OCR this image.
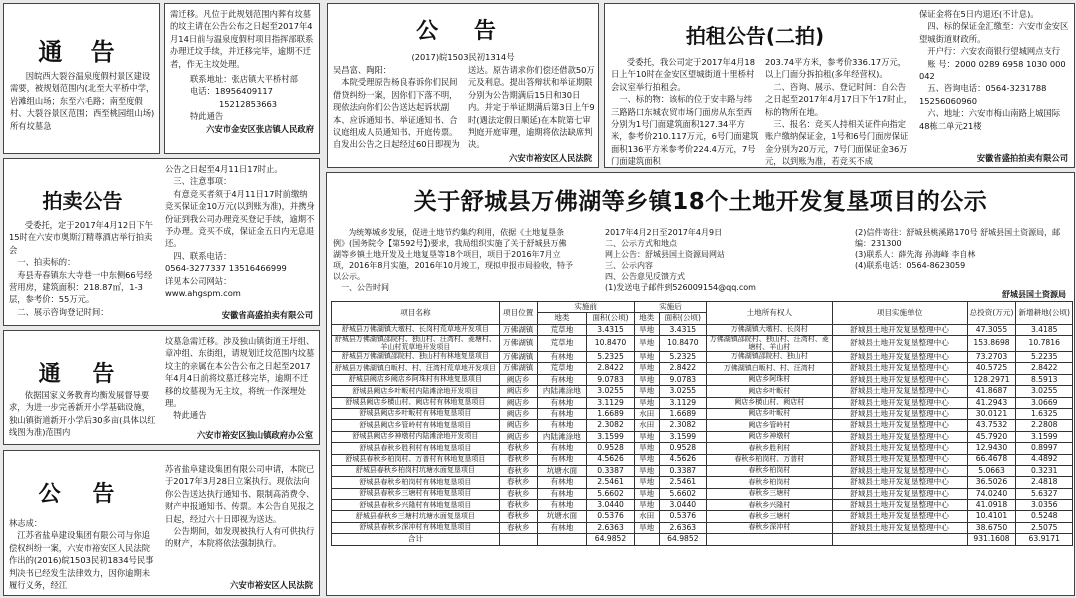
通 告
因皖西大裂谷温泉度假村景区建设需要，被规划范围内(北至大平桥中学，岩滩组山场；东至六毛路；南至度假村、大裂谷景区范围；西至桃园组山场)所有坟墓急

需迁移。凡位于此规划范围内葬有坟墓的坟主请在公告公布之日起至2017年4月14日前与温泉度假村项目指挥部联系办理迁坟手续，并迁移完毕，逾期不迁者，作无主坟处理。

联系地址：张店镇大平桥村部
电话：18956409117
15212853663
特此通告
六安市金安区张店镇人民政府
公 告
(2017)皖1503民初1314号
吴昌富、陶阳：
　本院受理原告杨良春诉你们民间借贷纠纷一案，因你们下落不明，现依法向你们公告送达起诉状副本、应诉通知书、举证通知书、合议庭组成人员通知书、开庭传票。自发出公告之日起经过60日即视为
送达。原告请求你们偿还借款50万元及利息。提出答辩状和举证期限分别为公告期满后15日和30日内。并定于举证期满后第3日上午9时(遇法定假日顺延)在本院第七审判庭开庭审理，逾期将依法缺席判决。
六安市裕安区人民法院
拍租公告(二拍)
受委托，我公司定于2017年4月18日上午10时在金安区望城街道十里桥村会议室举行拍租会。
　一、标的物：该标的位于安丰路与纬三路路口东城农贸市场门面房从东至西分别为1号门面建筑面积127.34平方米，参考价210.117万元，6号门面建筑面积136平方米参考价224.4万元，7号门面建筑面积
203.74平方米，参考价336.17万元，以上门面分拆拍租(多年经营权)。
　二、咨询、展示、登记时间：自公告之日起至2017年4月17日下午17时止，标的物所在地。
　三、报名：竞买人持相关证件向指定账户缴纳保证金，1号和6号门面房保证金分别为20万元，7号门面保证金36万元，以到账为准，若竞买不成
保证金将在5日内退还(不计息)。
　四、标的保证金汇缴至：六安市金安区望城街道财政所。
　开户行：六安农商银行望城网点支行
　账 号：2000 0289 6958 1030 000 042
　五、咨询电话：0564-3231788 15256060960
　六、地址：六安市梅山南路上城国际48栋二单元21楼
安徽省盛拍拍卖有限公司
拍卖公告
受委托，定于2017年4月12日下午15时在六安市奥斯汀精尊酒店举行拍卖会
　一、拍卖标的：
　寿县寿春镇东大寺巷一中东侧66号经营用房，建筑面积：218.87㎡，1-3层，参考价：55万元。
　二、展示咨询登记时间：
公告之日起至4月11日17时止。
　三、注意事项：
　有意竞买者须于4月11日17时前缴纳竞买保证金10万元(以到账为准)，并携身份证到我公司办理竞买登记手续，逾期不予办理。竞买不成，保证金五日内无息退还。
　四、联系电话：
0564-3277337 13516466999
详见本公司网站：
www.ahgspm.com
安徽省高盛拍卖有限公司
通 告
依据国家义务教育均衡发展督导要求，为进一步完善新开小学基础设施，独山镇街道新开小学后30多亩(具体以红线图为准)范围内
坟墓急需迁移。涉及独山镇街道王圩组、章冲组、东街组，请规划迁坟范围内坟墓坟主的亲属在本公告公布之日起至2017年4月4日前将坟墓迁移完毕，逾期不迁移的坟墓视为无主坟，将统一作深埋处理。
　特此通告
六安市裕安区独山镇政府办公室
公 告
林志成：
　江苏省盐阜建设集团有限公司与你追偿权纠纷一案，六安市裕安区人民法院作出的(2016)皖1503民初1834号民事判决书已经发生法律效力，因你逾期未履行义务，经江
苏省盐阜建设集团有限公司申请，本院已于2017年3月28日立案执行。现依法向你公告送达执行通知书、限制高消费令、财产申报通知书、传票。本公告自见报之日起，经过六十日即视为送达。
　公告期间，如发现被执行人有可供执行的财产，本院将依法强制执行。
六安市裕安区人民法院
关于舒城县万佛湖等乡镇18个土地开发复垦项目的公示
为统筹城乡发展，促进土地节约集约利用，依据《土地复垦条例》(国务院令【第592号】)要求，我局组织实施了关于舒城县万佛湖等乡镇土地开发及土地复垦等18个项目，项目于2016年7月立项，2016年8月实施，2016年10月竣工，现拟申报市局验收，特予以公示。
　一、公告时间
2017年4月2日至2017年4月9日
二、公示方式和地点
网上公告：舒城县国土资源局网站
三、公示内容
四、公告意见反馈方式
(1)发送电子邮件到526009154@qq.com
(2)信件寄往：舒城县桃溪路170号 舒城县国土资源局，邮编：231300
(3)联系人：薛先海 孙海峰 李自林
(4)联系电话：0564-8623059
舒城县国土资源局
项目名称	项目位置	实施前		实施后		土地所有权人	项目实施单位	总投资(万元)	新增耕地(公顷)
		地类	面积(公顷)	地类	面积(公顷)				
舒城县万佛湖镇大墩村、长岗村荒草地开发项目	万佛湖镇	荒草地	3.4315	旱地	3.4315	万佛湖镇大墩村、长岗村	舒城县土地开发复垦整理中心	47.3055	3.4185
舒城县万佛湖镇邵院村、独山村、汪湾村、菱塘村、羊山村荒草地开发项目	万佛湖镇	荒草地	10.8470	旱地	10.8470	万佛湖镇邵院村、独山村、汪湾村、菱塘村、羊山村	舒城县土地开发复垦整理中心	153.8698	10.7816
舒城县万佛湖镇邵院村、独山村有林地复垦项目	万佛湖镇	有林地	5.2325	旱地	5.2325	万佛湖镇邵院村、独山村	舒城县土地开发复垦整理中心	73.2703	5.2235
舒城县万佛湖镇白畈村、村、汪湾村荒草地开发项目	万佛湖镇	荒草地	2.8422	旱地	2.8422	万佛湖镇白畈村、村、汪湾村	舒城县土地开发复垦整理中心	40.5725	2.8422
舒城县阙店乡阙店乡阿珠村有林地复垦项目	阙店乡	有林地	9.0783	旱地	9.0783	阙店乡阿珠村	舒城县土地开发复垦整理中心	128.2971	8.5913
舒城县阙店乡叶畈村内陆滩涂地开发项目	阙店乡	内陆滩涂地	3.0255	旱地	3.0255	阙店乡叶畈村	舒城县土地开发复垦整理中心	41.8687	3.0255
舒城县阙店乡横山村、阙店村有林地复垦项目	阙店乡	有林地	3.1129	旱地	3.1129	阙店乡横山村、阙店村	舒城县土地开发复垦整理中心	41.2943	3.0669
舒城县阙店乡叶畈村有林地复垦项目	阙店乡	有林地	1.6689	水田	1.6689	阙店乡叶畈村	舒城县土地开发复垦整理中心	30.0121	1.6325
舒城县阙店乡管岭村有林地复垦项目	阙店乡	有林地	2.3082	水田	2.3082	阙店乡管岭村	舒城县土地开发复垦整理中心	43.7532	2.2808
舒城县阙店乡神墩村内陆滩涂地开发项目	阙店乡	内陆滩涂地	3.1599	旱地	3.1599	阙店乡神墩村	舒城县土地开发复垦整理中心	45.7920	3.1599
舒城县春秋乡胜利村有林地复垦项目	春秋乡	有林地	0.9528	旱地	0.9528	春秋乡胜利村	舒城县土地开发复垦整理中心	12.9430	0.8997
舒城县春秋乡柏岗村、万普村有林地复垦项目	春秋乡	有林地	4.5626	旱地	4.5626	春秋乡柏岗村、万普村	舒城县土地开发复垦整理中心	66.4678	4.4892
舒城县春秋乡柏岗村坑塘水面复垦项目	春秋乡	坑塘水面	0.3387	旱地	0.3387	春秋乡柏岗村	舒城县土地开发复垦整理中心	5.0663	0.3231
舒城县春秋乡柏岗村有林地复垦项目	春秋乡	有林地	2.5461	旱地	2.5461	春秋乡柏岗村	舒城县土地开发复垦整理中心	36.5026	2.4818
舒城县春秋乡三塘村有林地复垦项目	春秋乡	有林地	5.6602	旱地	5.6602	春秋乡三塘村	舒城县土地开发复垦整理中心	74.0240	5.6327
舒城县春秋乡兴隆村有林地复垦项目	春秋乡	有林地	3.0440	旱地	3.0440	春秋乡兴隆村	舒城县土地开发复垦整理中心	41.0918	3.0356
舒城县春秋乡三塘村坑塘水面复垦项目	春秋乡	坑塘水面	0.5376	水田	0.5376	春秋乡三塘村	舒城县土地开发复垦整理中心	10.4101	0.5248
舒城县春秋乡深冲村有林地复垦项目	春秋乡	有林地	2.6363	旱地	2.6363	春秋乡深冲村	舒城县土地开发复垦整理中心	38.6750	2.5075
合计			64.9852		64.9852			931.1608	63.9171
